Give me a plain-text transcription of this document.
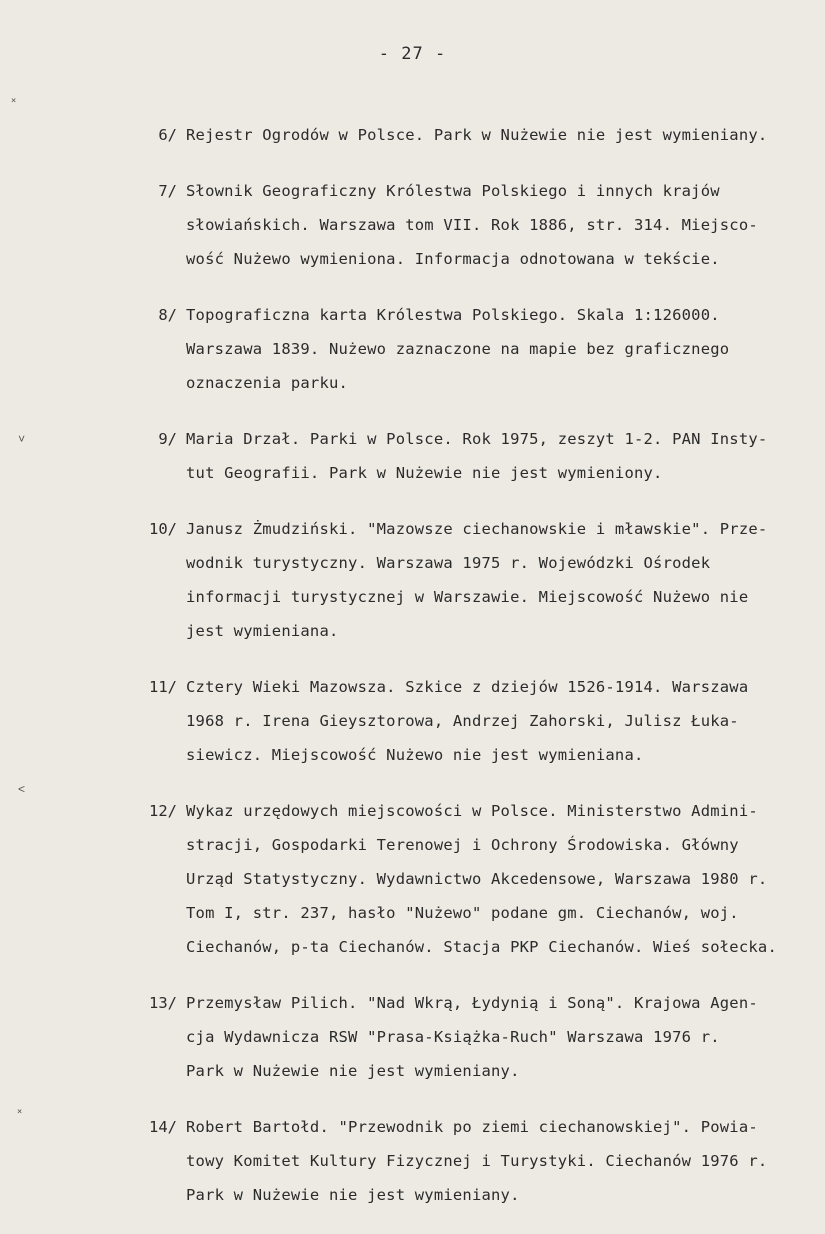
- 27 -
6/ Rejestr Ogrodów w Polsce. Park w Nużewie nie jest wymieniany.
7/ Słownik Geograficzny Królestwa Polskiego i innych krajów
słowiańskich. Warszawa tom VII. Rok 1886, str. 314. Miejsco-
wość Nużewo wymieniona. Informacja odnotowana w tekście.
8/ Topograficzna karta Królestwa Polskiego. Skala 1:126000.
Warszawa 1839. Nużewo zaznaczone na mapie bez graficznego
oznaczenia parku.
9/ Maria Drzał. Parki w Polsce. Rok 1975, zeszyt 1-2. PAN Insty-
tut Geografii. Park w Nużewie nie jest wymieniony.
10/ Janusz Żmudziński. "Mazowsze ciechanowskie i mławskie". Prze-
wodnik turystyczny. Warszawa 1975 r. Wojewódzki Ośrodek
informacji turystycznej w Warszawie. Miejscowość Nużewo nie
jest wymieniana.
11/ Cztery Wieki Mazowsza. Szkice z dziejów 1526-1914. Warszawa
1968 r. Irena Gieysztorowa, Andrzej Zahorski, Julisz Łuka-
siewicz. Miejscowość Nużewo nie jest wymieniana.
12/ Wykaz urzędowych miejscowości w Polsce. Ministerstwo Admini-
stracji, Gospodarki Terenowej i Ochrony Środowiska. Główny
Urząd Statystyczny. Wydawnictwo Akcedensowe, Warszawa 1980 r.
Tom I, str. 237, hasło "Nużewo" podane gm. Ciechanów, woj.
Ciechanów, p-ta Ciechanów. Stacja PKP Ciechanów. Wieś sołecka.
13/ Przemysław Pilich. "Nad Wkrą, Łydynią i Soną". Krajowa Agen-
cja Wydawnicza RSW "Prasa-Książka-Ruch" Warszawa 1976 r.
Park w Nużewie nie jest wymieniany.
14/ Robert Bartołd. "Przewodnik po ziemi ciechanowskiej". Powia-
towy Komitet Kultury Fizycznej i Turystyki. Ciechanów 1976 r.
Park w Nużewie nie jest wymieniany.
˟
˅
˂
˟
